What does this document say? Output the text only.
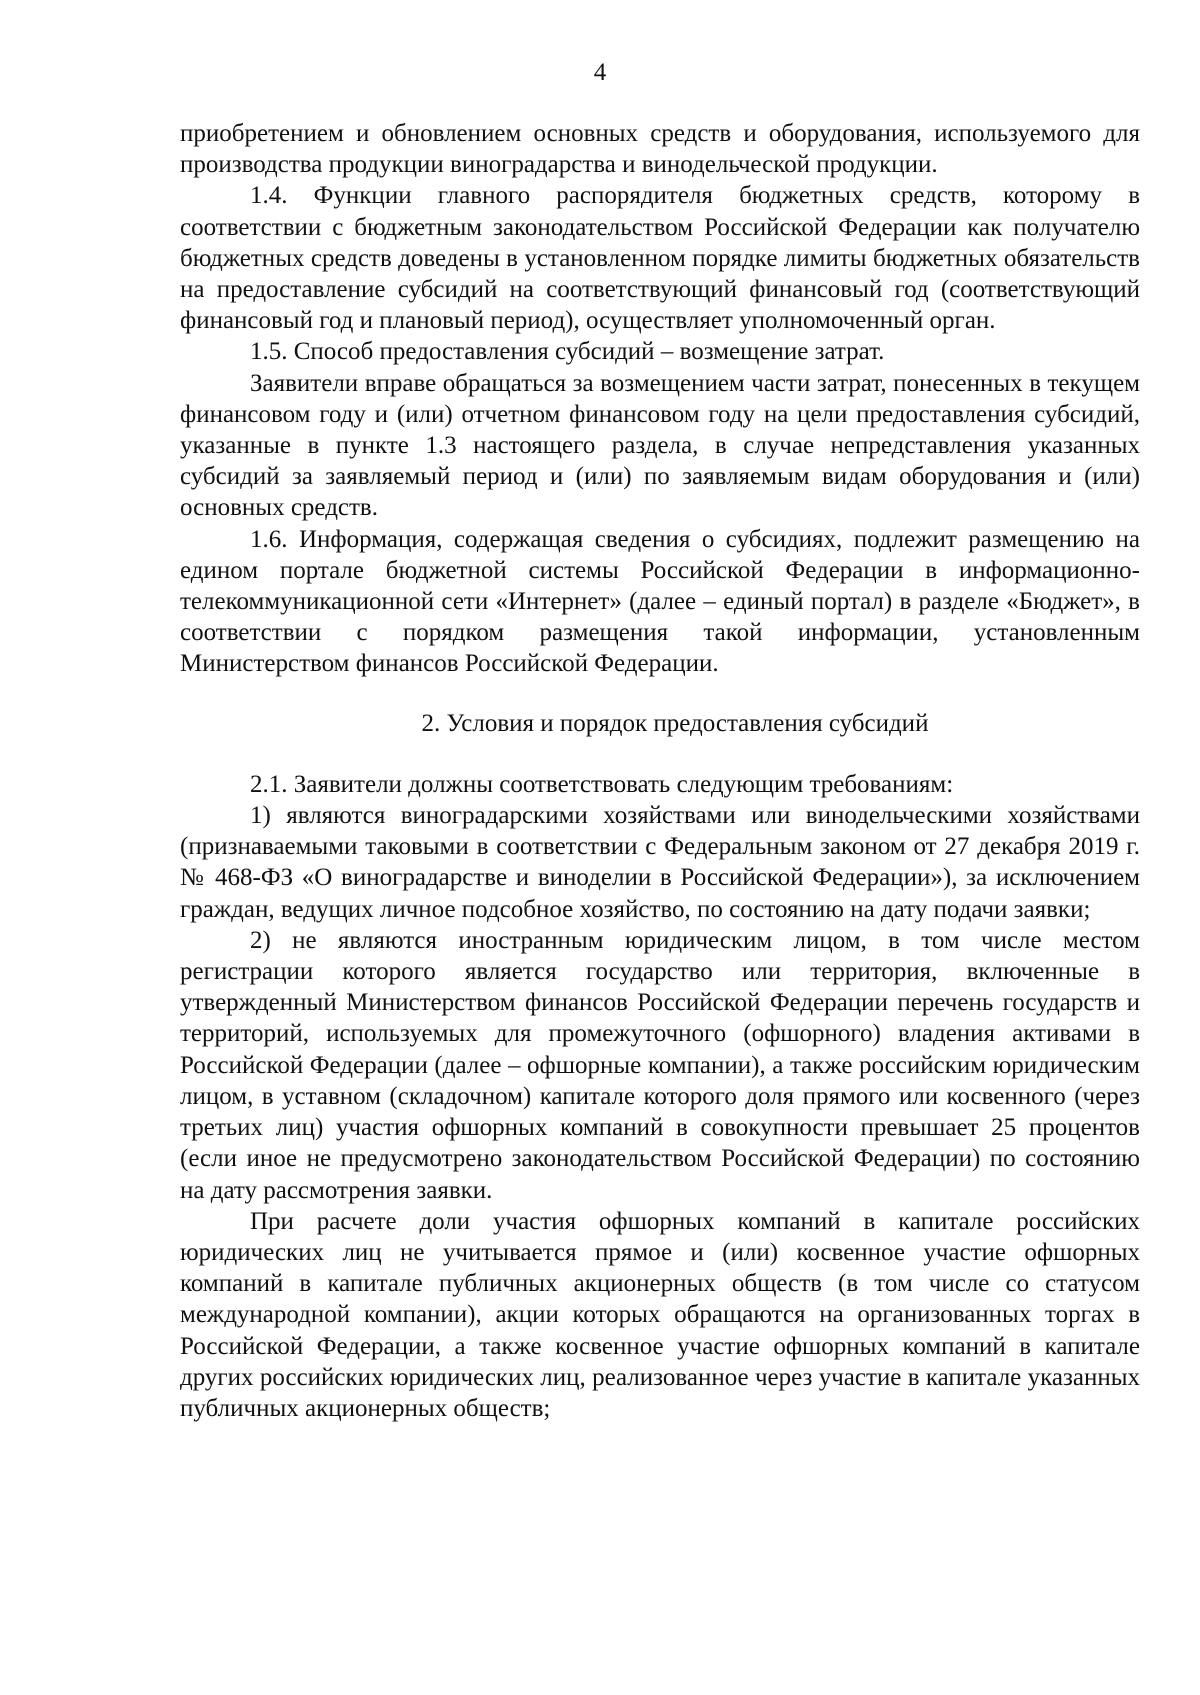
4

приобретением и обновлением основных средств и оборудования, используемого для производства продукции виноградарства и винодельческой продукции.

1.4. Функции главного распорядителя бюджетных средств, которому в соответствии с бюджетным законодательством Российской Федерации как получателю бюджетных средств доведены в установленном порядке лимиты бюджетных обязательств на предоставление субсидий на соответствующий финансовый год (соответствующий финансовый год и плановый период), осуществляет уполномоченный орган.

1.5. Способ предоставления субсидий – возмещение затрат.

Заявители вправе обращаться за возмещением части затрат, понесенных в текущем финансовом году и (или) отчетном финансовом году на цели предоставления субсидий, указанные в пункте 1.3 настоящего раздела, в случае непредставления указанных субсидий за заявляемый период и (или) по заявляемым видам оборудования и (или) основных средств.

1.6. Информация, содержащая сведения о субсидиях, подлежит размещению на едином портале бюджетной системы Российской Федерации в информационно-телекоммуникационной сети «Интернет» (далее – единый портал) в разделе «Бюджет», в соответствии с порядком размещения такой информации, установленным Министерством финансов Российской Федерации.

2. Условия и порядок предоставления субсидий

2.1. Заявители должны соответствовать следующим требованиям:

1) являются виноградарскими хозяйствами или винодельческими хозяйствами (признаваемыми таковыми в соответствии с Федеральным законом от 27 декабря 2019 г. № 468-ФЗ «О виноградарстве и виноделии в Российской Федерации»), за исключением граждан, ведущих личное подсобное хозяйство, по состоянию на дату подачи заявки;

2) не являются иностранным юридическим лицом, в том числе местом регистрации которого является государство или территория, включенные в утвержденный Министерством финансов Российской Федерации перечень государств и территорий, используемых для промежуточного (офшорного) владения активами в Российской Федерации (далее – офшорные компании), а также российским юридическим лицом, в уставном (складочном) капитале которого доля прямого или косвенного (через третьих лиц) участия офшорных компаний в совокупности превышает 25 процентов (если иное не предусмотрено законодательством Российской Федерации) по состоянию на дату рассмотрения заявки.

При расчете доли участия офшорных компаний в капитале российских юридических лиц не учитывается прямое и (или) косвенное участие офшорных компаний в капитале публичных акционерных обществ (в том числе со статусом международной компании), акции которых обращаются на организованных торгах в Российской Федерации, а также косвенное участие офшорных компаний в капитале других российских юридических лиц, реализованное через участие в капитале указанных публичных акционерных обществ;
